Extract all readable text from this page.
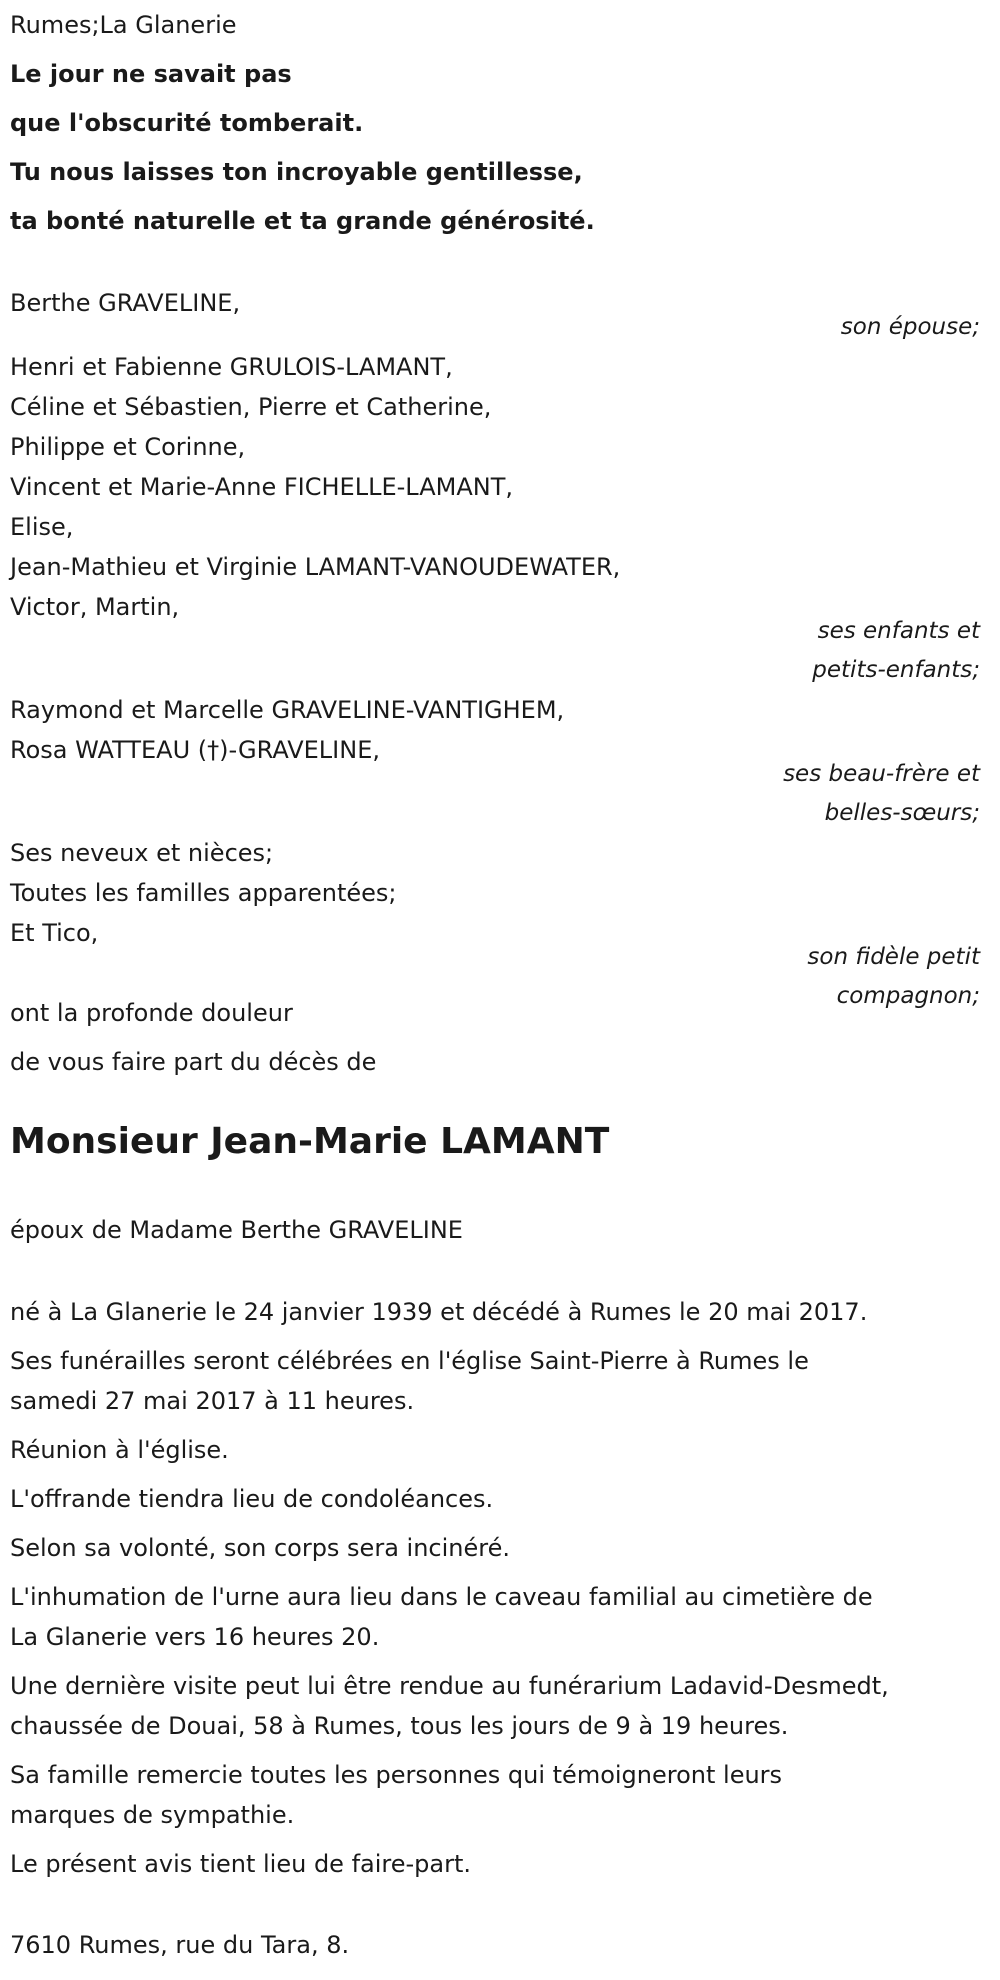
Rumes;La Glanerie
Le jour ne savait pas
que l'obscurité tomberait.
Tu nous laisses ton incroyable gentillesse,
ta bonté naturelle et ta grande générosité.
Berthe GRAVELINE,
son épouse;
Henri et Fabienne GRULOIS-LAMANT,
Céline et Sébastien, Pierre et Catherine,
Philippe et Corinne,
Vincent et Marie-Anne FICHELLE-LAMANT,
Elise,
Jean-Mathieu et Virginie LAMANT-VANOUDEWATER,
Victor, Martin,
ses enfants et
petits-enfants;
Raymond et Marcelle GRAVELINE-VANTIGHEM,
Rosa WATTEAU (†)-GRAVELINE,
ses beau-frère et
belles-sœurs;
Ses neveux et nièces;
Toutes les familles apparentées;
Et Tico,
son fidèle petit
compagnon;
ont la profonde douleur
de vous faire part du décès de
Monsieur Jean-Marie LAMANT
époux de Madame Berthe GRAVELINE
né à La Glanerie le 24 janvier 1939 et décédé à Rumes le 20 mai 2017.
Ses funérailles seront célébrées en l'église Saint-Pierre à Rumes le
samedi 27 mai 2017 à 11 heures.
Réunion à l'église.
L'offrande tiendra lieu de condoléances.
Selon sa volonté, son corps sera incinéré.
L'inhumation de l'urne aura lieu dans le caveau familial au cimetière de
La Glanerie vers 16 heures 20.
Une dernière visite peut lui être rendue au funérarium Ladavid-Desmedt,
chaussée de Douai, 58 à Rumes, tous les jours de 9 à 19 heures.
Sa famille remercie toutes les personnes qui témoigneront leurs
marques de sympathie.
Le présent avis tient lieu de faire-part.
7610 Rumes, rue du Tara, 8.
